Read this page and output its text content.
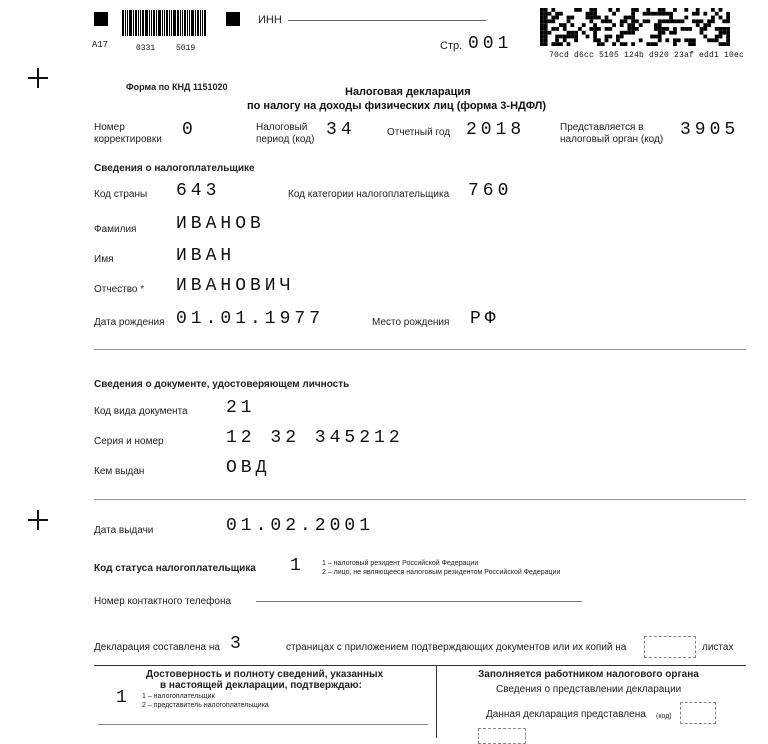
A17	0331	5019
ИНН
Стр. 001
70cd d6cc 5105 124b d920 23af edd1 10ec
Форма по КНД 1151020	Налоговая декларация
по налогу на доходы физических лиц (форма 3-НДФЛ)
Номер
корректировки 0	Налоговый
период (код) 34	Отчетный год 2018	Представляется в
налоговый орган (код) 3905
Сведения о налогоплательщике
Код страны 643	Код категории налогоплательщика 760
Фамилия ИВАНОВ
Имя	ИВАН
Отчество * ИВАНОВИЧ
Дата рождения 01.01.1977	Место рождения РФ
Сведения о документе, удостоверяющем личность
Код вида документа 21
Серия и номер	12 32 345212
Кем выдан	ОВД
Дата выдачи	01.02.2001
Код статуса налогоплательщика 1 1 – налоговый резидент Российской Федерации
2 – лицо, не являющееся налоговым резидентом Российской Федерации
Номер контактного телефона
Декларация составлена на 3	страницах с приложением подтверждающих документов или их копий на	листах
Достоверность и полноту сведений, указанных
в настоящей декларации, подтверждаю:
1 1 – налогоплательщик
2 – представитель налогоплательщика
Заполняется работником налогового органа
Сведения о представлении декларации
Данная декларация представлена (код)
